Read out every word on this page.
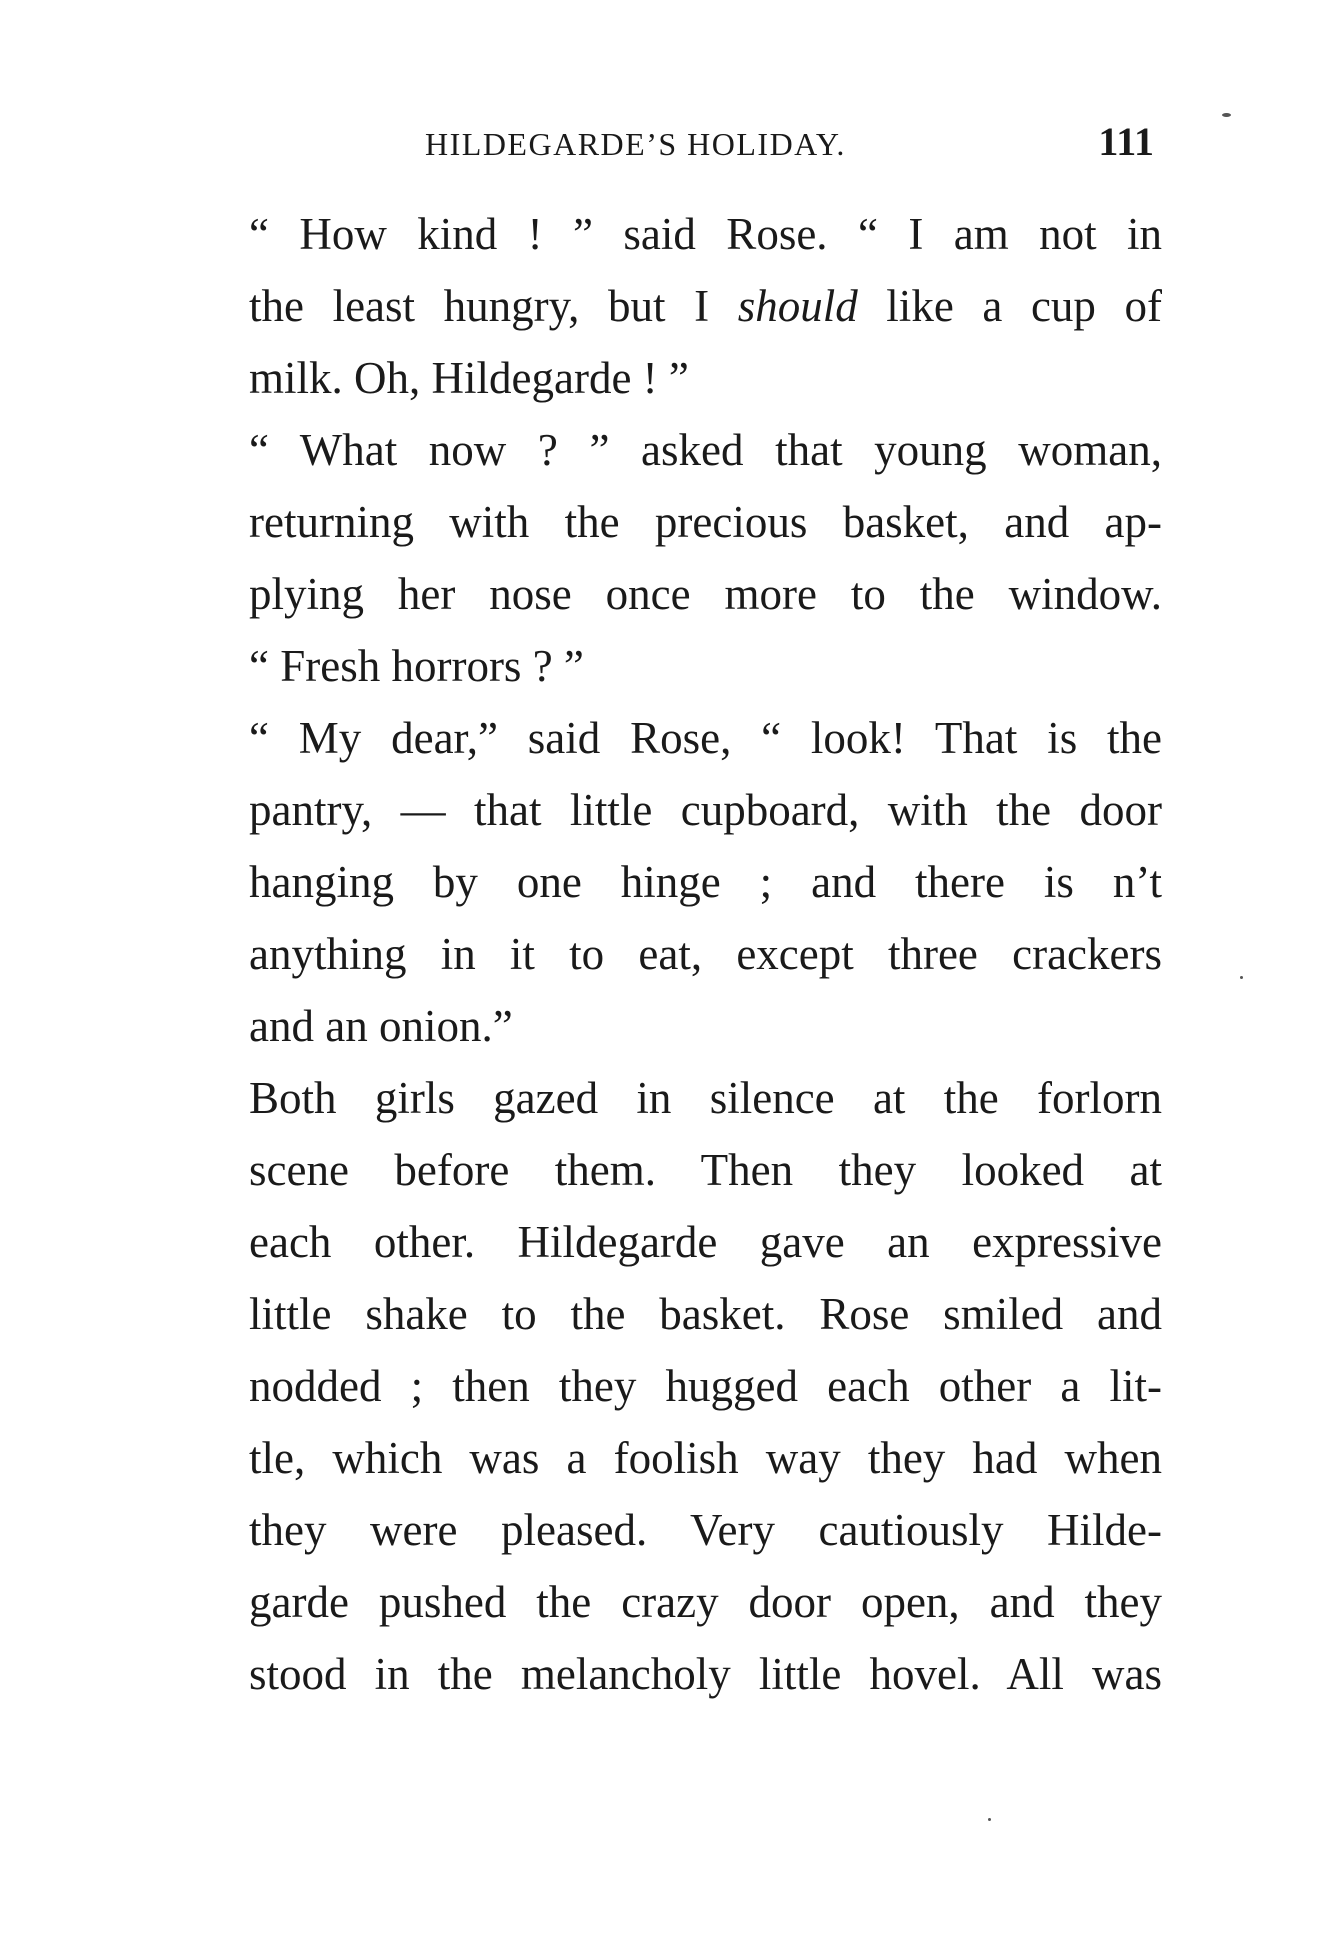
HILDEGARDE’S HOLIDAY.	111

“ How kind ! ” said Rose. “ I am not in
the least hungry, but I should like a cup of
milk. Oh, Hildegarde ! ”

“ What now ? ” asked that young woman,
returning with the precious basket, and ap-
plying her nose once more to the window.
“ Fresh horrors ? ”

“ My dear,” said Rose, “ look! That is the
pantry, — that little cupboard, with the door
hanging by one hinge ; and there is n’t
anything in it to eat, except three crackers
and an onion.”

Both girls gazed in silence at the forlorn
scene before them. Then they looked at
each other. Hildegarde gave an expressive
little shake to the basket. Rose smiled and
nodded ; then they hugged each other a lit-
tle, which was a foolish way they had when
they were pleased. Very cautiously Hilde-
garde pushed the crazy door open, and they
stood in the melancholy little hovel. All was
